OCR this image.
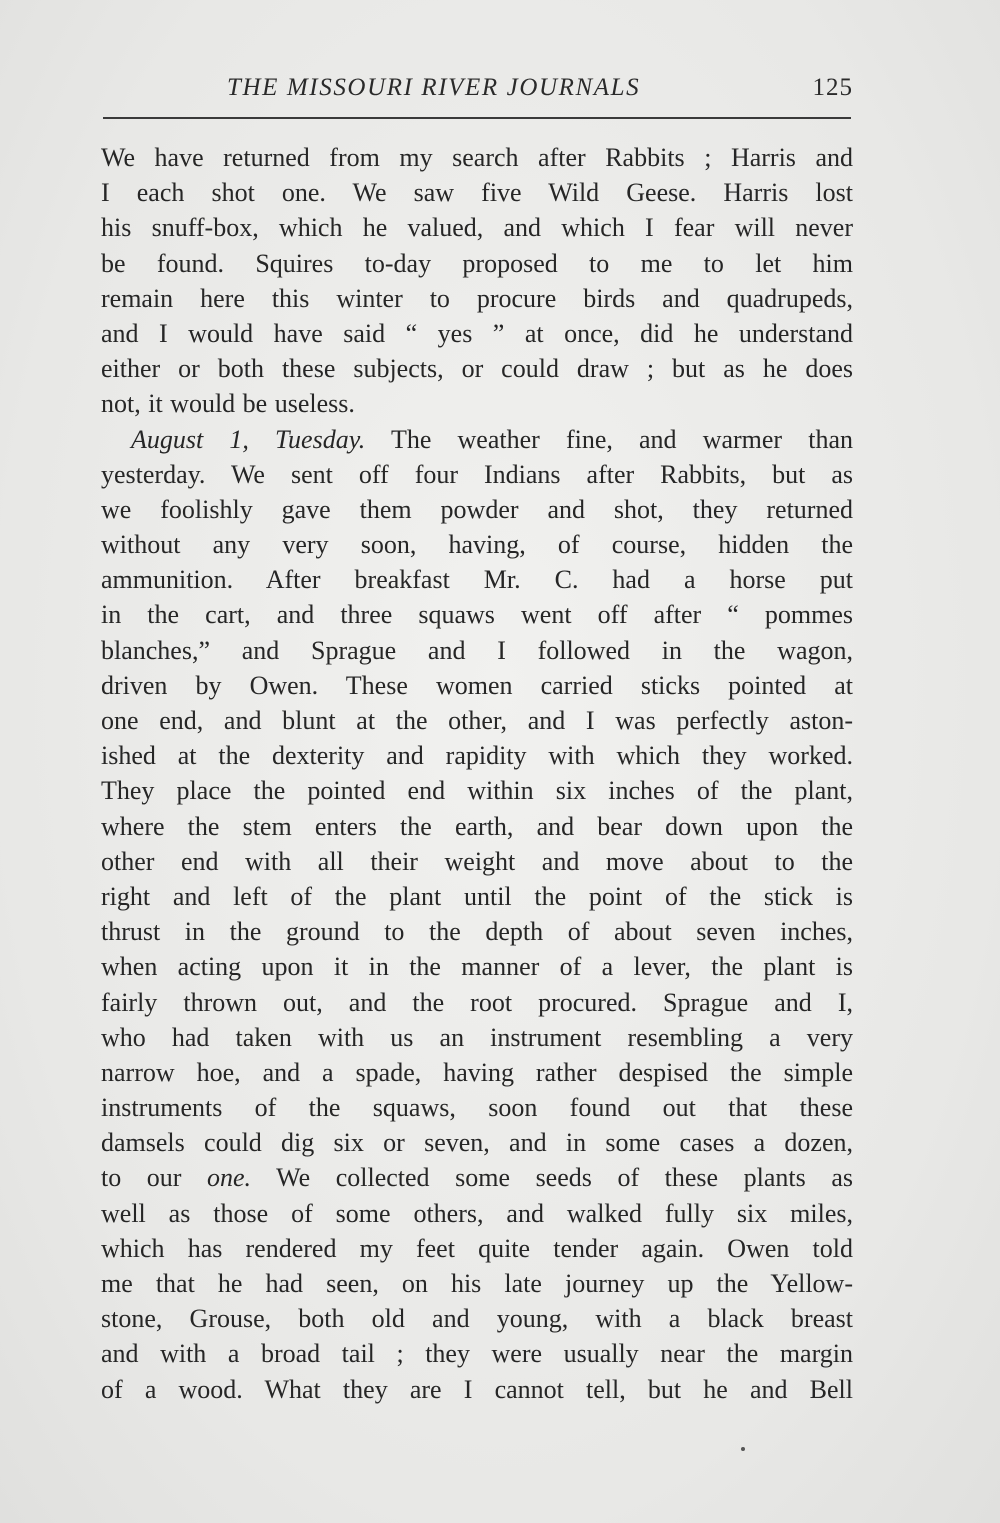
THE MISSOURI RIVER JOURNALS	125
We have returned from my search after Rabbits ; Harris and
I each shot one. We saw five Wild Geese. Harris lost
his snuff-box, which he valued, and which I fear will never
be found. Squires to-day proposed to me to let him
remain here this winter to procure birds and quadrupeds,
and I would have said “ yes ” at once, did he understand
either or both these subjects, or could draw ; but as he does
not, it would be useless.
August 1, Tuesday. The weather fine, and warmer than
yesterday. We sent off four Indians after Rabbits, but as
we foolishly gave them powder and shot, they returned
without any very soon, having, of course, hidden the
ammunition. After breakfast Mr. C. had a horse put
in the cart, and three squaws went off after “ pommes
blanches,” and Sprague and I followed in the wagon,
driven by Owen. These women carried sticks pointed at
one end, and blunt at the other, and I was perfectly aston-
ished at the dexterity and rapidity with which they worked.
They place the pointed end within six inches of the plant,
where the stem enters the earth, and bear down upon the
other end with all their weight and move about to the
right and left of the plant until the point of the stick is
thrust in the ground to the depth of about seven inches,
when acting upon it in the manner of a lever, the plant is
fairly thrown out, and the root procured. Sprague and I,
who had taken with us an instrument resembling a very
narrow hoe, and a spade, having rather despised the simple
instruments of the squaws, soon found out that these
damsels could dig six or seven, and in some cases a dozen,
to our one. We collected some seeds of these plants as
well as those of some others, and walked fully six miles,
which has rendered my feet quite tender again. Owen told
me that he had seen, on his late journey up the Yellow-
stone, Grouse, both old and young, with a black breast
and with a broad tail ; they were usually near the margin
of a wood. What they are I cannot tell, but he and Bell
